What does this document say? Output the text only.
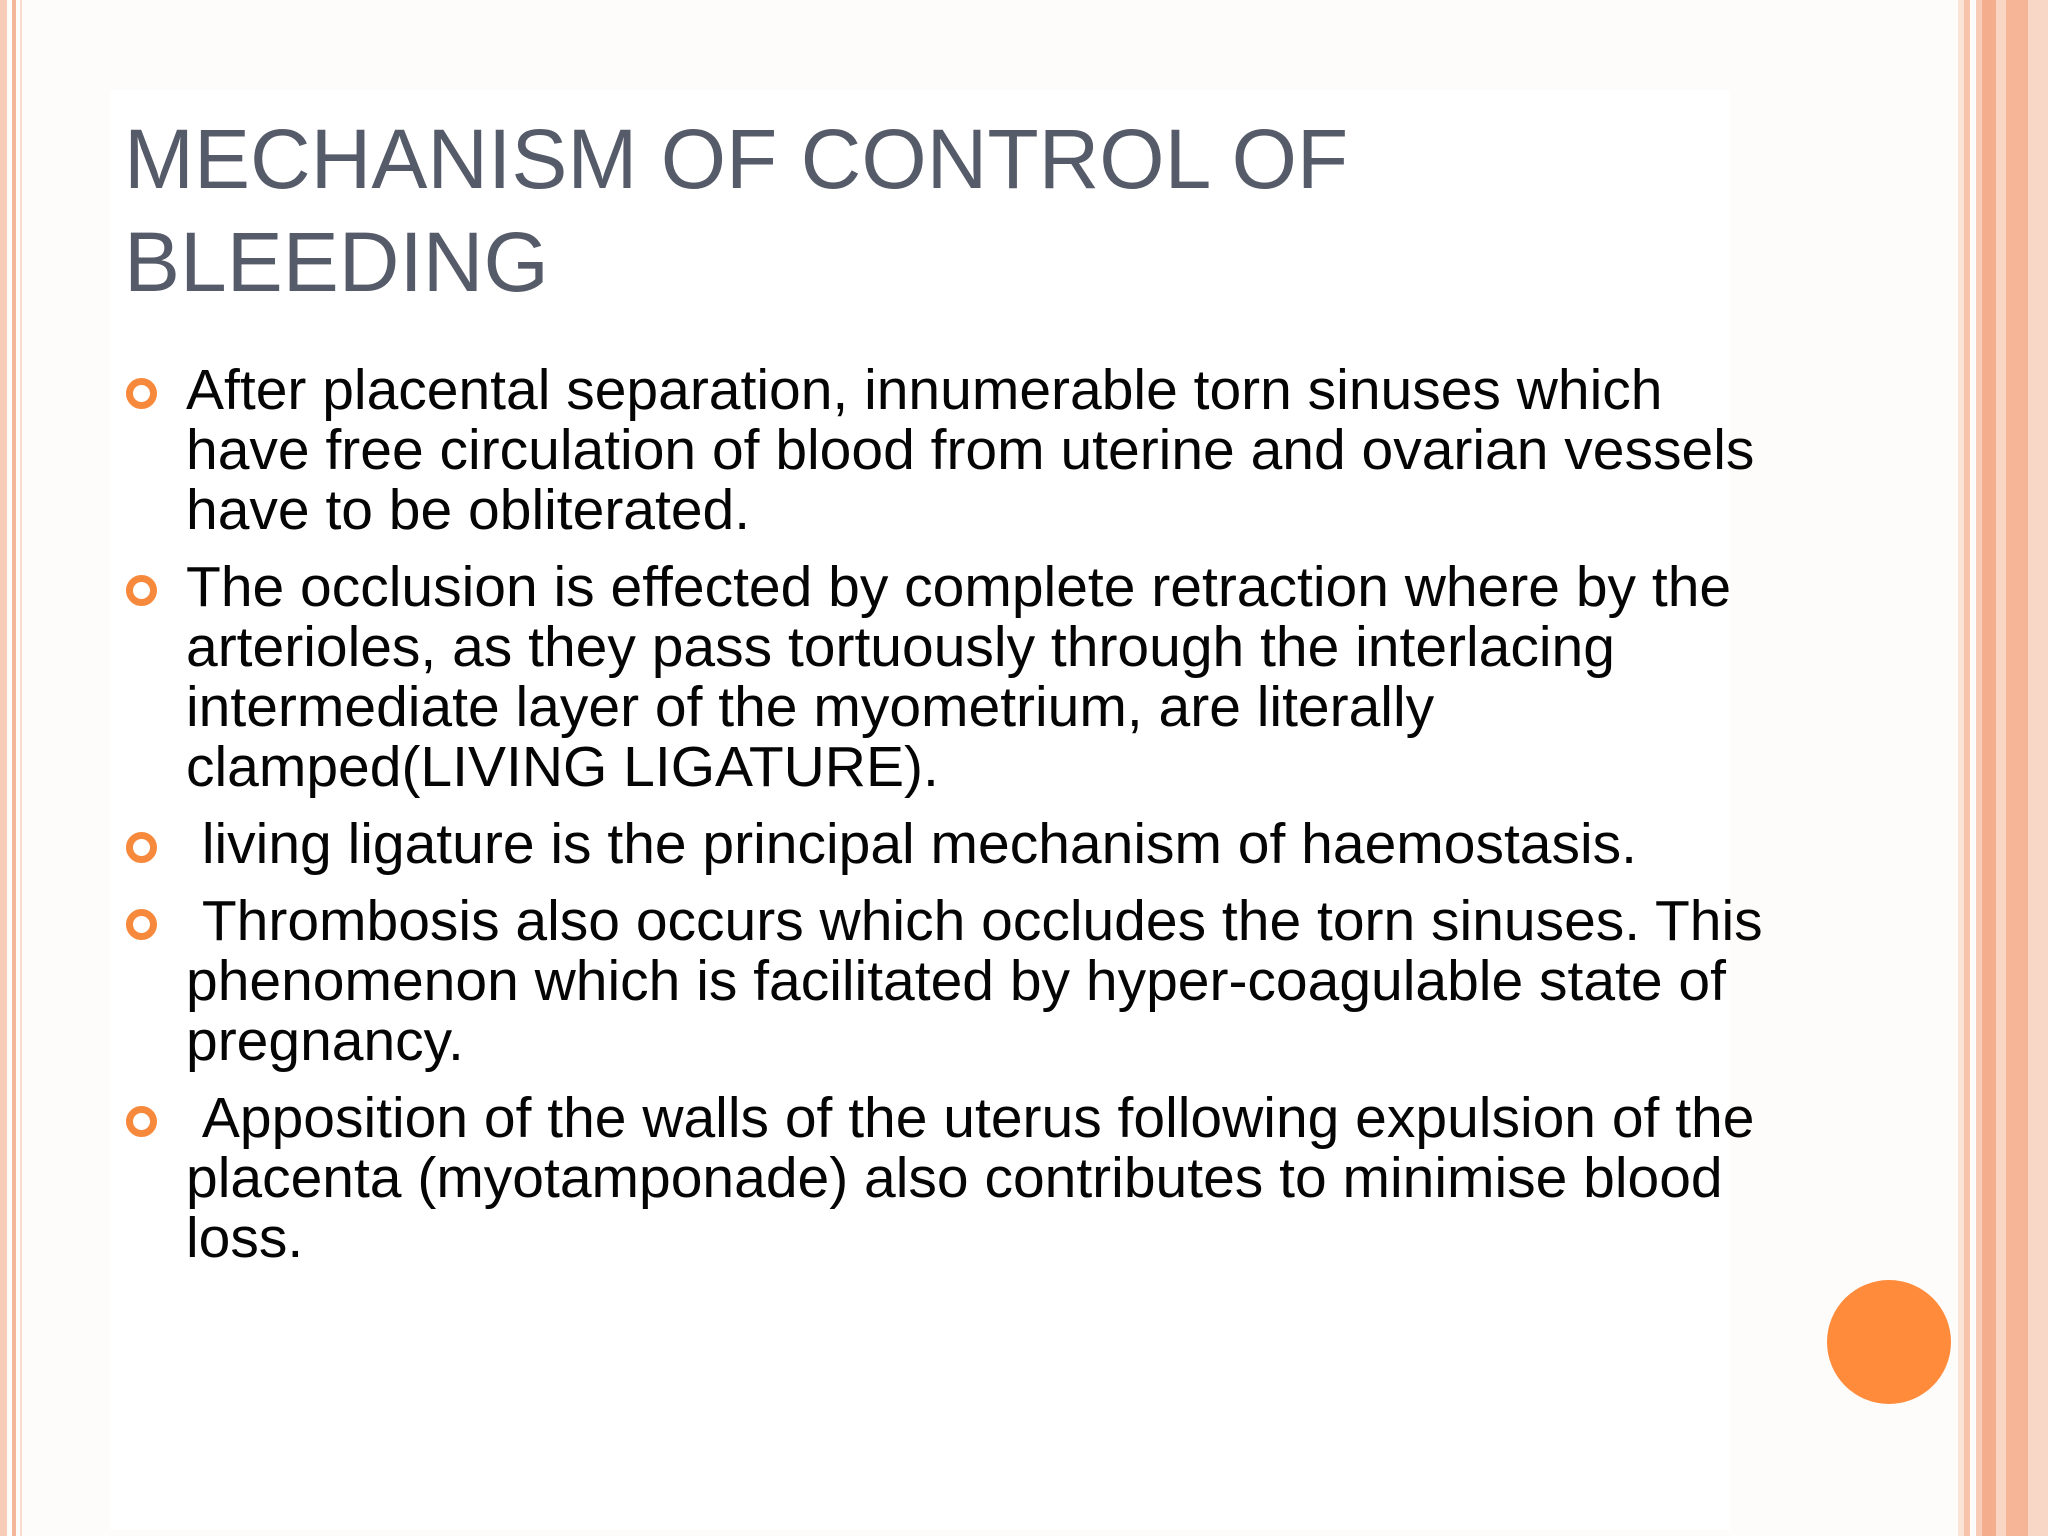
MECHANISM OF CONTROL OF BLEEDING
After placental separation, innumerable torn sinuses which have free circulation of blood from uterine and ovarian vessels have to be obliterated.
The occlusion is effected by complete retraction where by the arterioles, as they pass tortuously through the interlacing intermediate layer of the myometrium, are literally clamped(LIVING LIGATURE).
living ligature is the principal mechanism of haemostasis.
Thrombosis also occurs which occludes the torn sinuses. This phenomenon which is facilitated by hyper-coagulable state of pregnancy.
Apposition of the walls of the uterus following expulsion of the placenta (myotamponade) also contributes to minimise blood loss.
